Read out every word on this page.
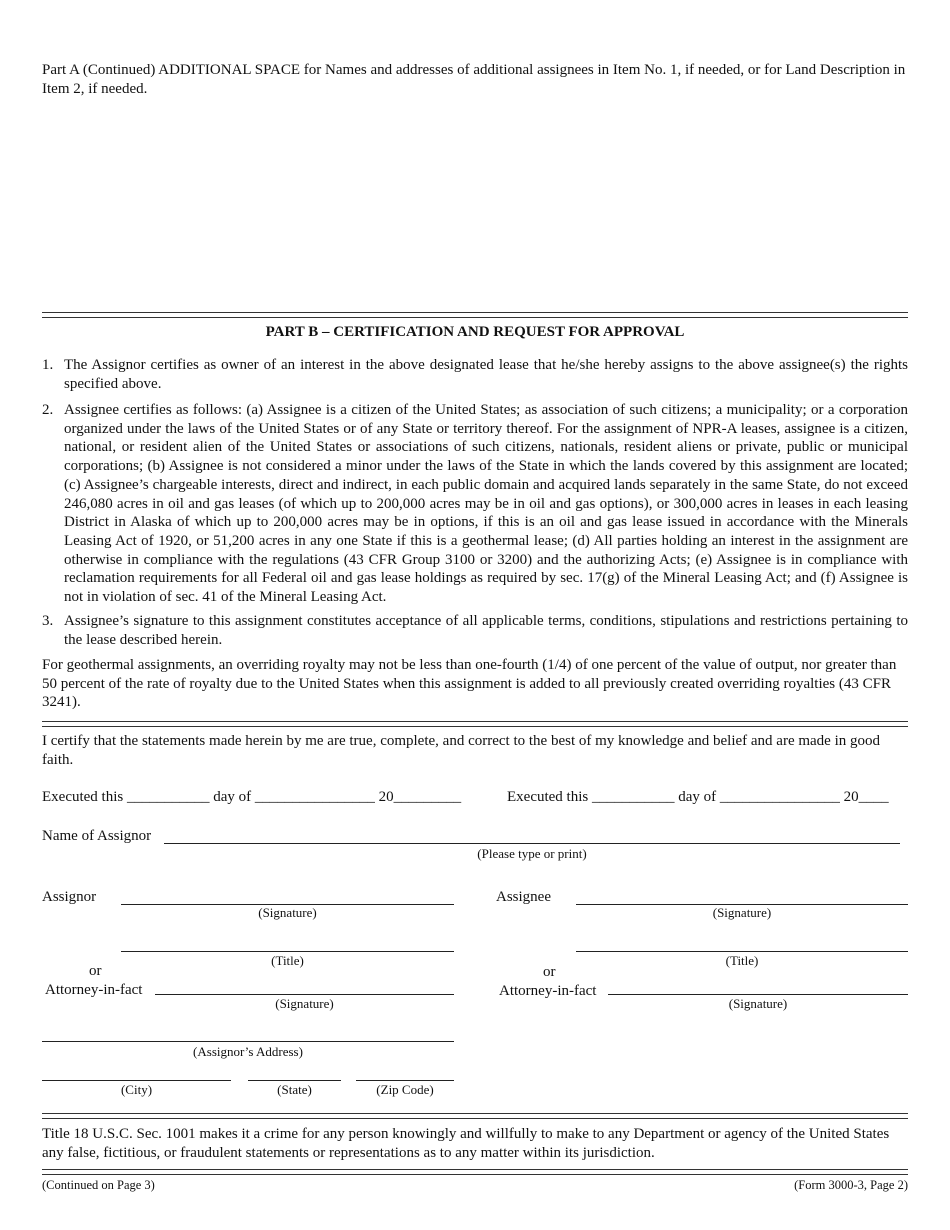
Part A (Continued) ADDITIONAL SPACE for Names and addresses of additional assignees in Item No. 1, if needed, or for Land Description in Item 2, if needed.
PART B – CERTIFICATION AND REQUEST FOR APPROVAL
1. The Assignor certifies as owner of an interest in the above designated lease that he/she hereby assigns to the above assignee(s) the rights specified above.
2. Assignee certifies as follows: (a) Assignee is a citizen of the United States; as association of such citizens; a municipality; or a corporation organized under the laws of the United States or of any State or territory thereof. For the assignment of NPR-A leases, assignee is a citizen, national, or resident alien of the United States or associations of such citizens, nationals, resident aliens or private, public or municipal corporations; (b) Assignee is not considered a minor under the laws of the State in which the lands covered by this assignment are located; (c) Assignee’s chargeable interests, direct and indirect, in each public domain and acquired lands separately in the same State, do not exceed 246,080 acres in oil and gas leases (of which up to 200,000 acres may be in oil and gas options), or 300,000 acres in leases in each leasing District in Alaska of which up to 200,000 acres may be in options, if this is an oil and gas lease issued in accordance with the Minerals Leasing Act of 1920, or 51,200 acres in any one State if this is a geothermal lease; (d) All parties holding an interest in the assignment are otherwise in compliance with the regulations (43 CFR Group 3100 or 3200) and the authorizing Acts; (e) Assignee is in compliance with reclamation requirements for all Federal oil and gas lease holdings as required by sec. 17(g) of the Mineral Leasing Act; and (f) Assignee is not in violation of sec. 41 of the Mineral Leasing Act.
3. Assignee’s signature to this assignment constitutes acceptance of all applicable terms, conditions, stipulations and restrictions pertaining to the lease described herein.
For geothermal assignments, an overriding royalty may not be less than one-fourth (1/4) of one percent of the value of output, nor greater than 50 percent of the rate of royalty due to the United States when this assignment is added to all previously created overriding royalties (43 CFR 3241).
I certify that the statements made herein by me are true, complete, and correct to the best of my knowledge and belief and are made in good faith.
Executed this ___________ day of ________________ 20_________	Executed this ___________ day of ________________ 20____
Name of Assignor
(Please type or print)
Assignor
(Signature)
(Title)
or
Attorney-in-fact
(Signature)
(Assignor’s Address)
(City)	(State)	(Zip Code)
Assignee
(Signature)
(Title)
or
Attorney-in-fact
(Signature)
Title 18 U.S.C. Sec. 1001 makes it a crime for any person knowingly and willfully to make to any Department or agency of the United States any false, fictitious, or fraudulent statements or representations as to any matter within its jurisdiction.
(Continued on Page 3)	(Form 3000-3, Page 2)
